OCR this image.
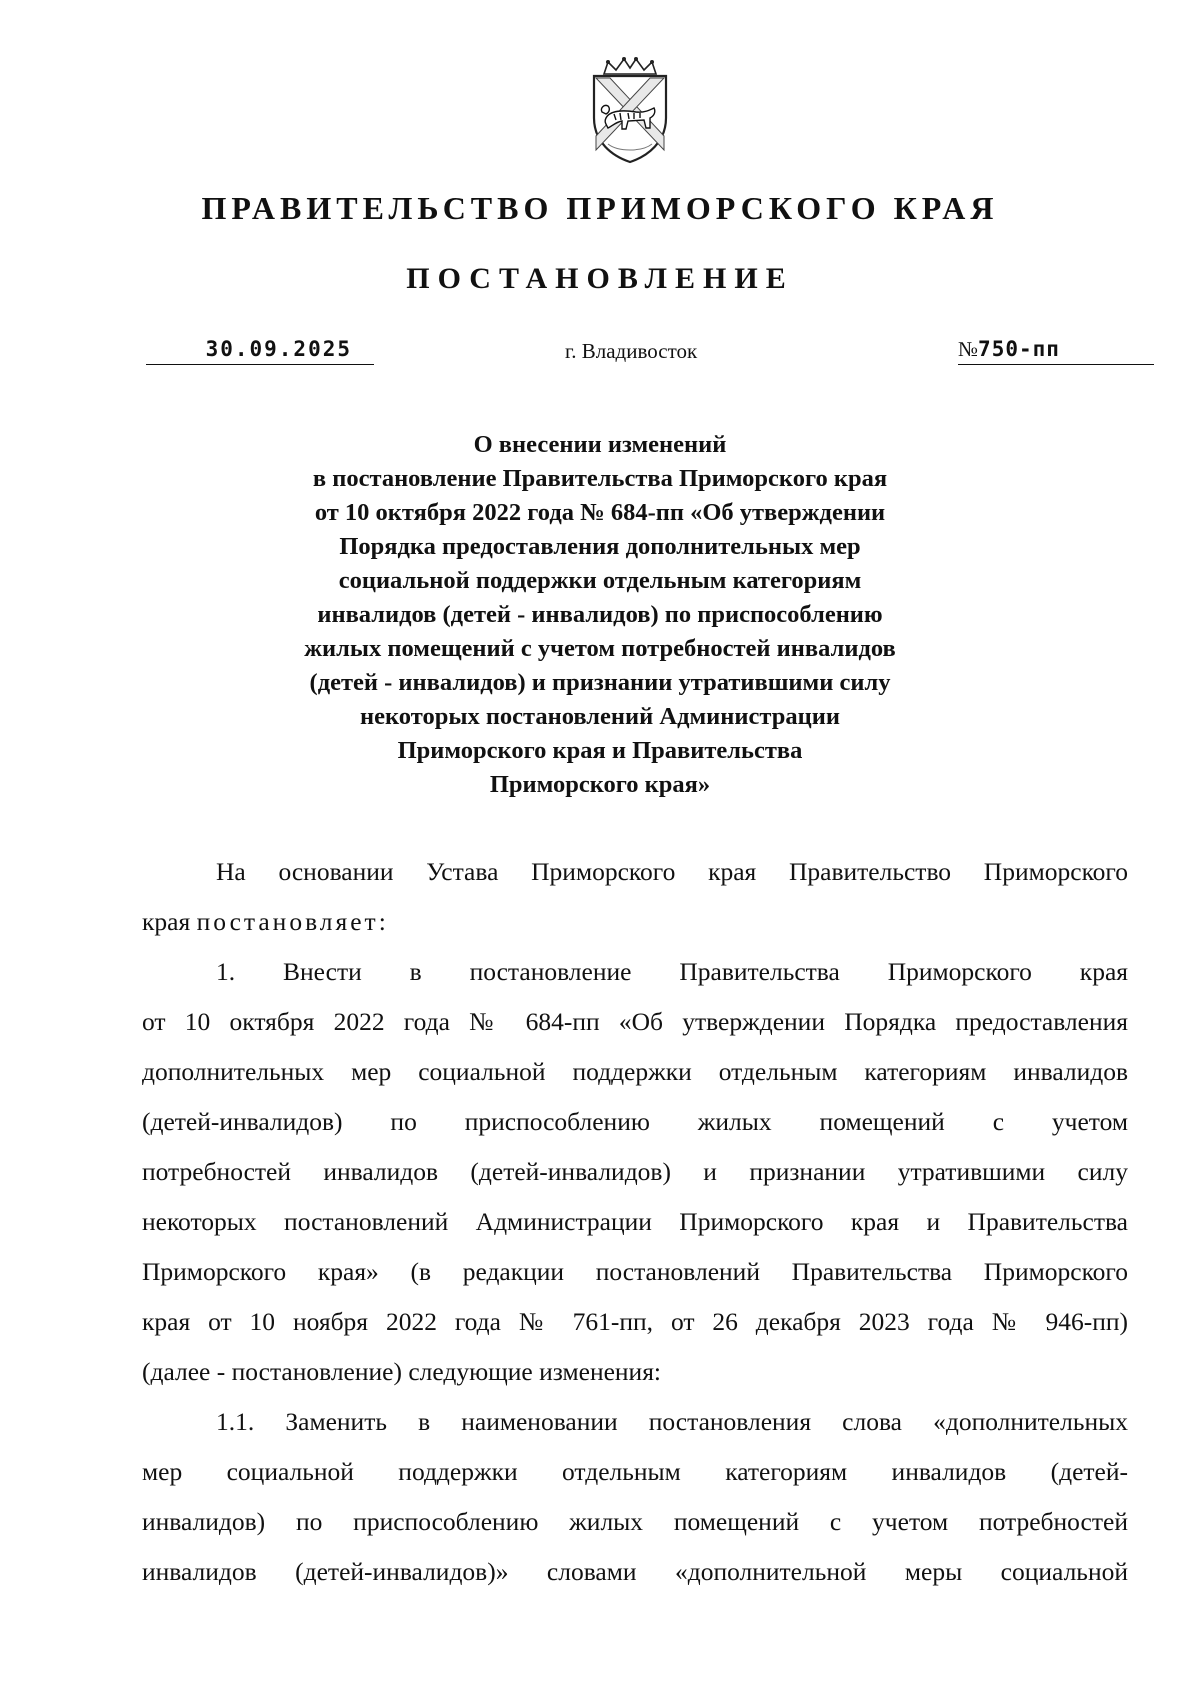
ПРАВИТЕЛЬСТВО ПРИМОРСКОГО КРАЯ
ПОСТАНОВЛЕНИЕ
30.09.2025	г. Владивосток	№750-пп
О внесении изменений
в постановление Правительства Приморского края
от 10 октября 2022 года № 684-пп «Об утверждении
Порядка предоставления дополнительных мер
социальной поддержки отдельным категориям
инвалидов (детей - инвалидов) по приспособлению
жилых помещений с учетом потребностей инвалидов
(детей - инвалидов) и признании утратившими силу
некоторых постановлений Администрации
Приморского края и Правительства
Приморского края»
На основании Устава Приморского края Правительство Приморского
края постановляет:
1. Внести в постановление Правительства Приморского края
от 10 октября 2022 года № 684-пп «Об утверждении Порядка предоставления
дополнительных мер социальной поддержки отдельным категориям инвалидов
(детей-инвалидов) по приспособлению жилых помещений с учетом
потребностей инвалидов (детей-инвалидов) и признании утратившими силу
некоторых постановлений Администрации Приморского края и Правительства
Приморского края» (в редакции постановлений Правительства Приморского
края от 10 ноября 2022 года № 761-пп, от 26 декабря 2023 года № 946-пп)
(далее - постановление) следующие изменения:
1.1. Заменить в наименовании постановления слова «дополнительных
мер социальной поддержки отдельным категориям инвалидов (детей-
инвалидов) по приспособлению жилых помещений с учетом потребностей
инвалидов (детей-инвалидов)» словами «дополнительной меры социальной
